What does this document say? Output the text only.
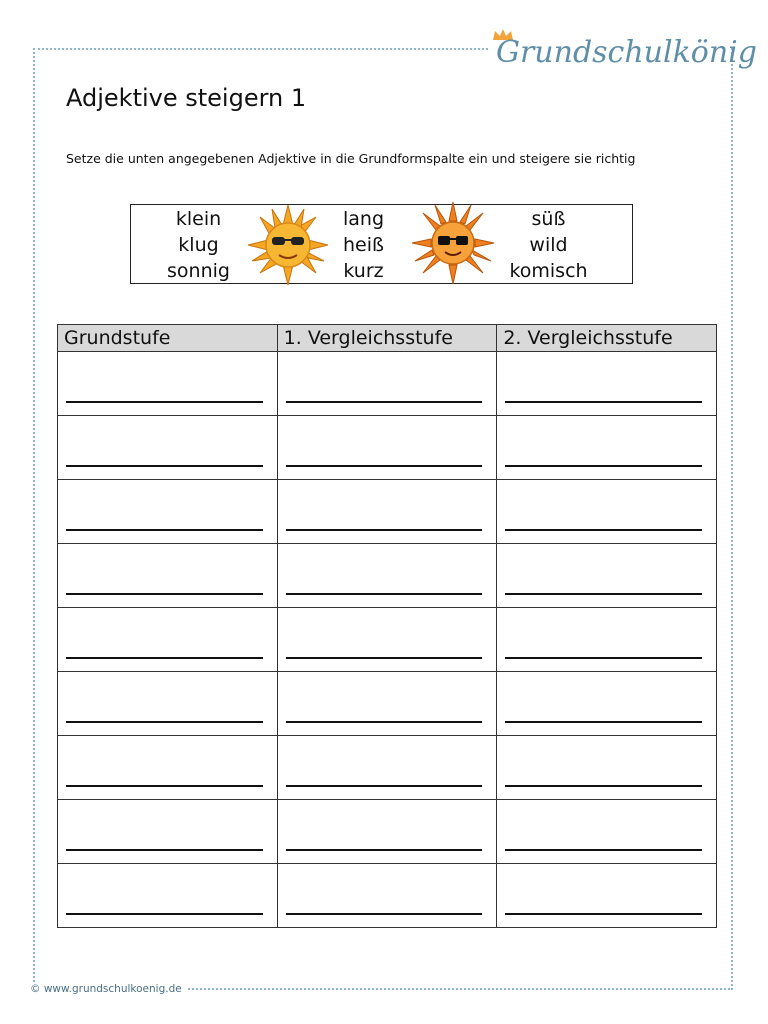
Grundschulkönig
Adjektive steigern 1
Setze die unten angegebenen Adjektive in die Grundformspalte ein und steigere sie richtig
klein
klug
sonnig
lang
heiß
kurz
süß
wild
komisch
Grundstufe	1. Vergleichsstufe	2. Vergleichsstufe

© www.grundschulkoenig.de
